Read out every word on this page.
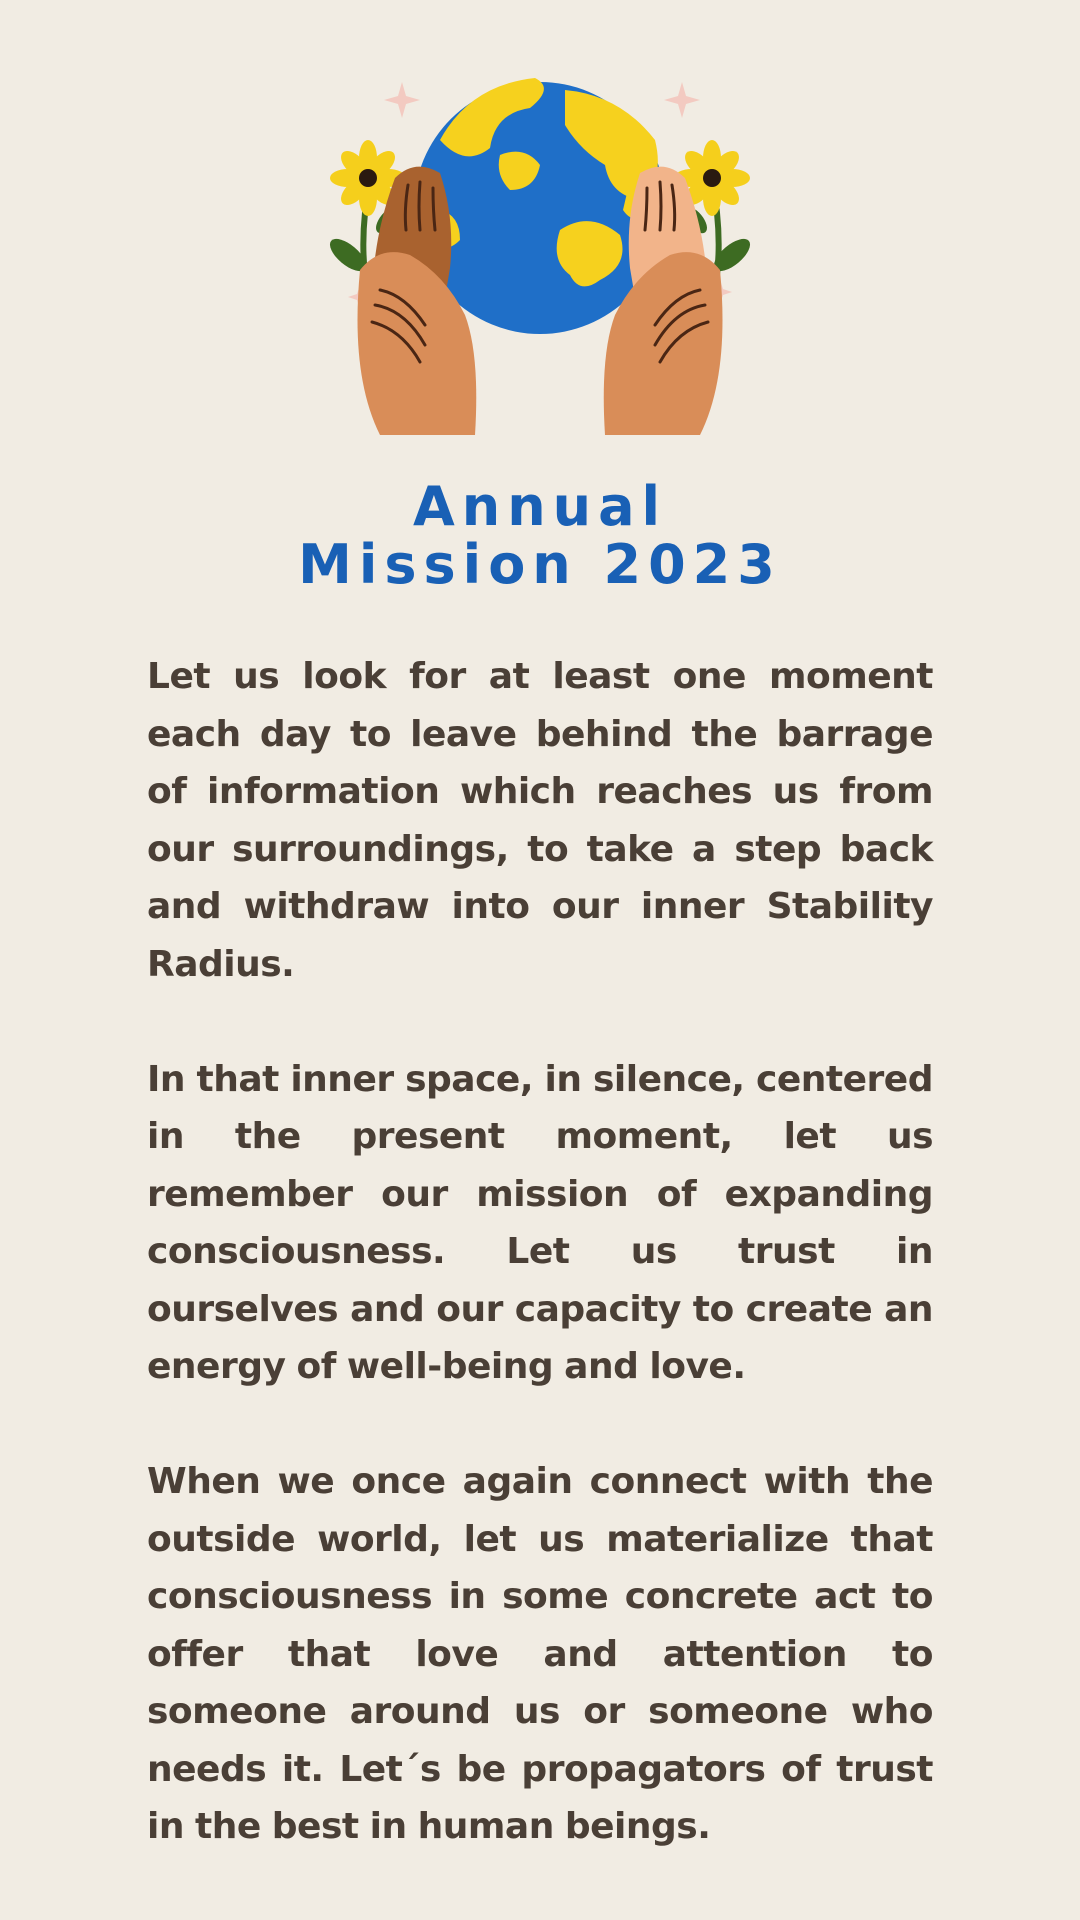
Annual
Mission 2023

Let us look for at least one moment each day to leave behind the barrage of information which reaches us from our surroundings, to take a step back and withdraw into our inner Stability Radius.

In that inner space, in silence, centered in the present moment, let us remember our mission of expanding consciousness. Let us trust in ourselves and our capacity to create an energy of well-being and love.

When we once again connect with the outside world, let us materialize that consciousness in some concrete act to offer that love and attention to someone around us or someone who needs it. Let´s be propagators of trust in the best in human beings.
